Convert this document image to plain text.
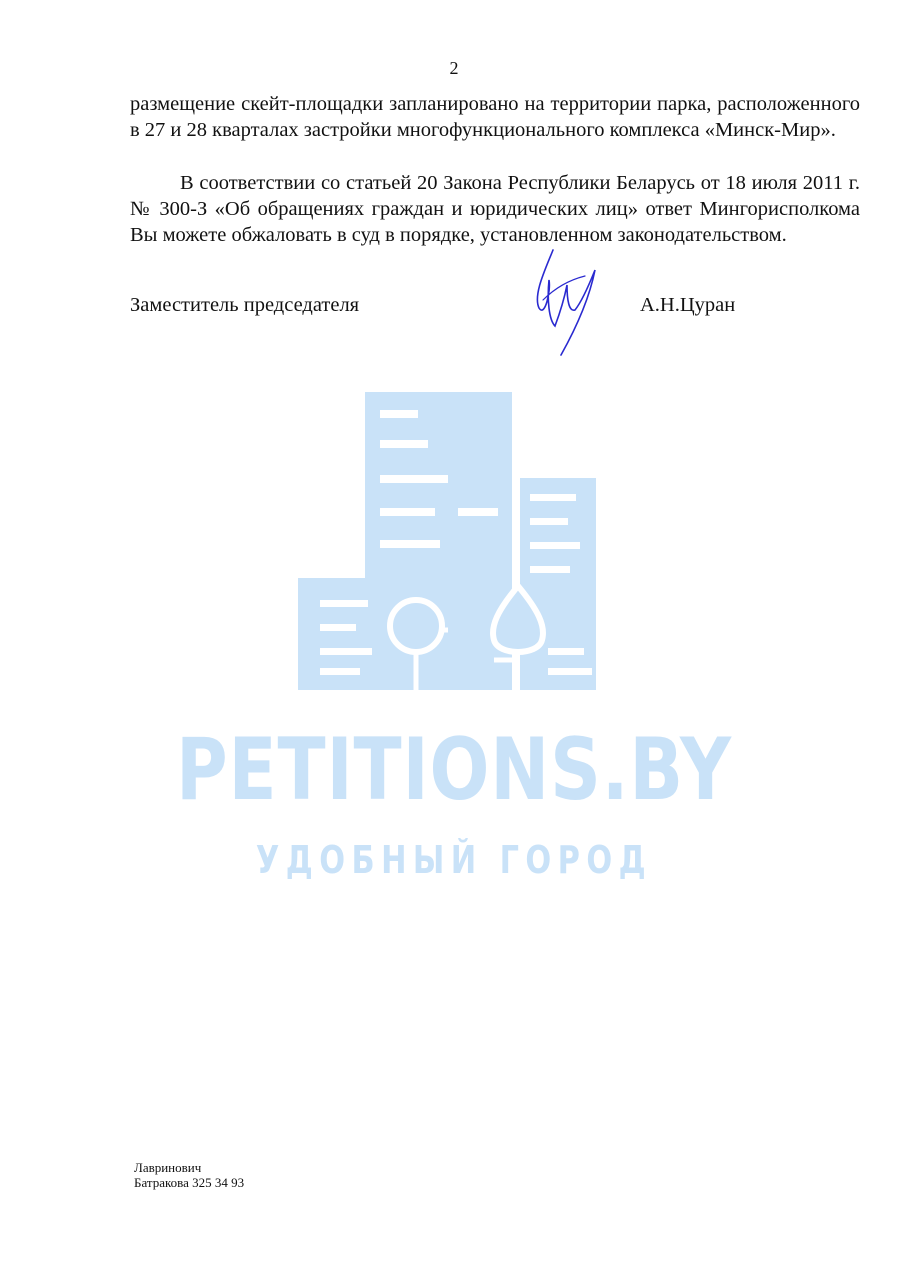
2

размещение скейт-площадки запланировано на территории парка, расположенного в 27 и 28 кварталах застройки многофункционального комплекса «Минск-Мир».

В соответствии со статьей 20 Закона Республики Беларусь от 18 июля 2011 г. № 300-З «Об обращениях граждан и юридических лиц» ответ Мингорисполкома Вы можете обжаловать в суд в порядке, установленном законодательством.

Заместитель председателя	А.Н.Цуран
PETITIONS.BY
УДОБНЫЙ ГОРОД
Лавринович
Батракова 325 34 93
